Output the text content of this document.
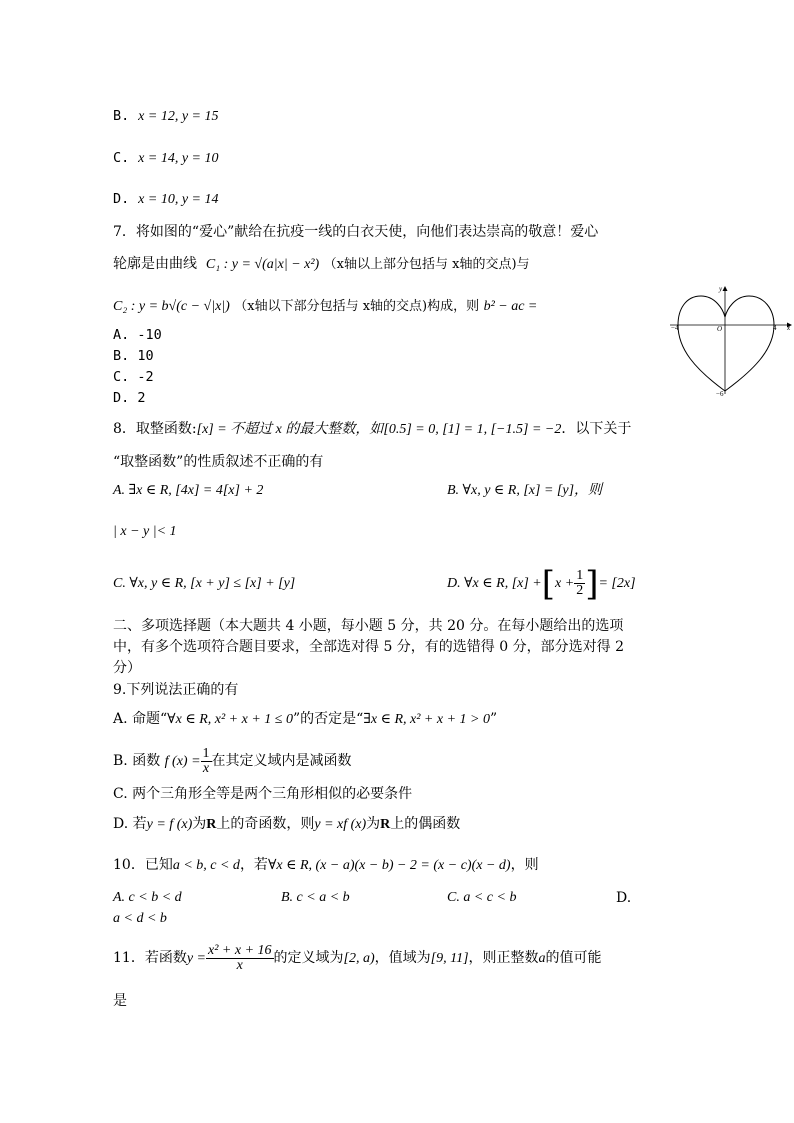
B. x = 12, y = 15
C. x = 14, y = 10
D. x = 10, y = 14
7．将如图的“爱心”献给在抗疫一线的白衣天使，向他们表达崇高的敬意！爱心
轮廓是由曲线 C₁ : y = √(a|x| − x²) （x轴以上部分包括与 x轴的交点)与
C₂ : y = b√(c − √|x|) （x轴以下部分包括与 x轴的交点)构成，则 b² − ac =
A. -10
B. 10
C. -2
D. 2
−4	4
O
y
x
−6
8．取整函数:[x] = 不超过 x 的最大整数，如[0.5] = 0, [1] = 1, [−1.5] = −2．以下关于
“取整函数”的性质叙述不正确的有
A. ∃x ∈ R, [4x] = 4[x] + 2	B. ∀x, y ∈ R, [x] = [y]，则
| x − y |< 1
C. ∀x, y ∈ R, [x + y] ≤ [x] + [y]	D. ∀x ∈ R, $[x] +[x + \frac{1}{2}$ ]= [2x]
二、多项选择题（本大题共 4 小题，每小题 5 分，共 20 分。在每小题给出的选项
中，有多个选项符合题目要求，全部选对得 5 分，有的选错得 0 分，部分选对得 2
分）
9.下列说法正确的有
A. 命题“∀x ∈ R, x² + x + 1 ≤ 0”的否定是“∃x ∈ R, x² + x + 1 > 0”
B. 函数 f $(x) = \frac{1}{x}$ 在其定义域内是减函数
C. 两个三角形全等是两个三角形相似的必要条件
D. 若y = f (x)为R上的奇函数，则y = xf (x)为R上的偶函数
10．已知a < b, c < d，若∀x ∈ R, (x − a)(x − b) − 2 = (x − c)(x − d)，则
A. c < b < d	B. c < a < b	C. a < c < b	D.
a < d < b
11．若函数$y = \frac{\text{x² + x + 16}}{x}$ 的定义域为[2, a)，值域为[9, 11]，则正整数a的值可能
是
